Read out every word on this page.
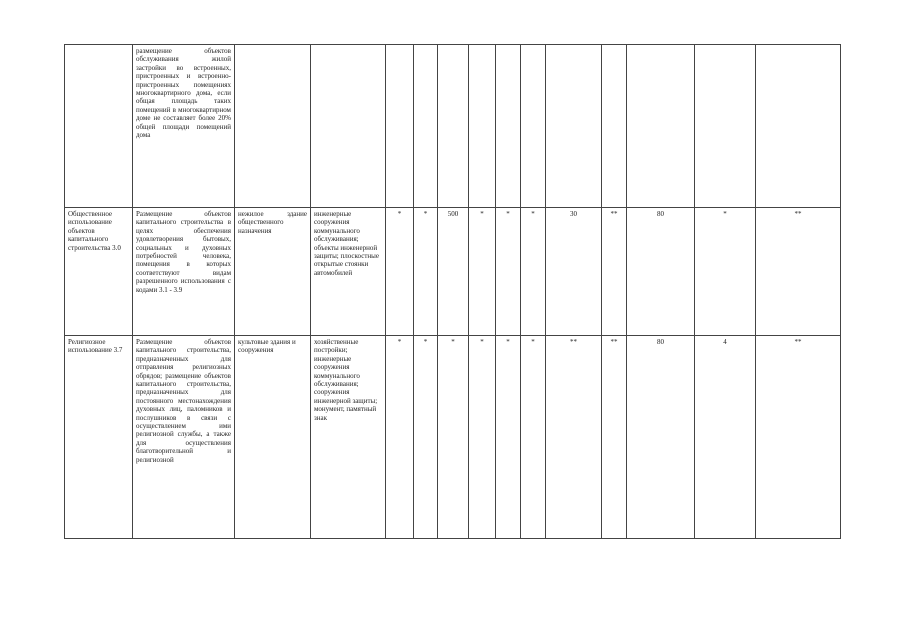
	размещение объектов обслуживания жилой застройки во встроенных, пристроенных и встроенно-пристроенных помещениях многоквартирного дома, если общая площадь таких помещений в многоквартирном доме не составляет более 20% общей площади помещений дома													
Общественное использование объектов капитального строительства 3.0	Размещение объектов капитального строительства в целях обеспечения удовлетворения бытовых, социальных и духовных потребностей человека, помещения в которых соответствуют видам разрешенного использования с кодами 3.1 - 3.9	нежилое здание общественного назначения	инженерные сооружения коммунального обслуживания; объекты инженерной защиты; плоскостные открытые стоянки автомобилей	*	*	500	*	*	*	30	**	80	*	**
Религиозное использование 3.7	Размещение объектов капитального строительства, предназначенных для отправления религиозных обрядов; размещение объектов капитального строительства, предназначенных для постоянного местонахождения духовных лиц, паломников и послушников в связи с осуществлением ими религиозной службы, а также для осуществления благотворительной и религиозной	культовые здания и сооружения	хозяйственные постройки; инженерные сооружения коммунального обслуживания; сооружения инженерной защиты; монумент, памятный знак	*	*	*	*	*	*	**	**	80	4	**
